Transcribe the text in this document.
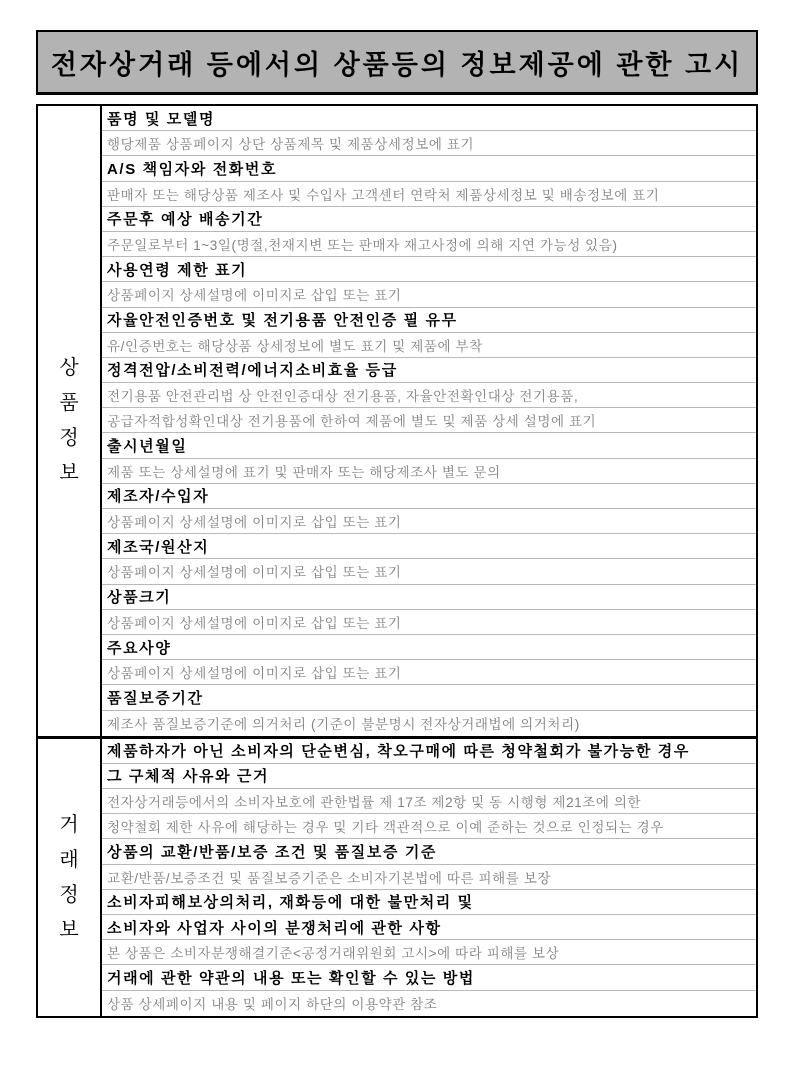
전자상거래 등에서의 상품등의 정보제공에 관한 고시
상
품
정
보
품명 및 모델명
행당제품 상품페이지 상단 상품제목 및 제품상세정보에 표기
A/S 책임자와 전화번호
판매자 또는 해당상품 제조사 및 수입사 고객센터 연락처 제품상세정보 및 배송정보에 표기
주문후 예상 배송기간
주문일로부터 1~3일(명절,천재지변 또는 판매자 재고사정에 의해 지연 가능성 있음)
사용연령 제한 표기
상품페이지 상세설명에 이미지로 삽입 또는 표기
자율안전인증번호 및 전기용품 안전인증 필 유무
유/인증번호는 해당상품 상세정보에 별도 표기 및 제품에 부착
정격전압/소비전력/에너지소비효율 등급
전기용품 안전관리법 상 안전인증대상 전기용품, 자율안전확인대상 전기용품,
공급자적합성확인대상 전기용품에 한하여 제품에 별도 및 제품 상세 설명에 표기
출시년월일
제품 또는 상세설명에 표기 및 판매자 또는 해당제조사 별도 문의
제조자/수입자
상품페이지 상세설명에 이미지로 삽입 또는 표기
제조국/원산지
상품페이지 상세설명에 이미지로 삽입 또는 표기
상품크기
상품페이지 상세설명에 이미지로 삽입 또는 표기
주요사양
상품페이지 상세설명에 이미지로 삽입 또는 표기
품질보증기간
제조사 품질보증기준에 의거처리 (기준이 불분명시 전자상거래법에 의거처리)
거
래
정
보
제품하자가 아닌 소비자의 단순변심, 착오구매에 따른 청약철회가 불가능한 경우
그 구체적 사유와 근거
전자상거래등에서의 소비자보호에 관한법률 제 17조 제2항 및 동 시행형 제21조에 의한
청약철회 제한 사유에 해당하는 경우 및 기타 객관적으로 이예 준하는 것으로 인정되는 경우
상품의 교환/반품/보증 조건 및 품질보증 기준
교환/반품/보증조건 및 품질보증기준은 소비자기본법에 따른 피해를 보장
소비자피해보상의처리, 재화등에 대한 불만처리 및
소비자와 사업자 사이의 분쟁처리에 관한 사항
본 상품은 소비자분쟁해결기준<공정거래위원회 고시>에 따라 피해를 보상
거래에 관한 약관의 내용 또는 확인할 수 있는 방법
상품 상세페이지 내용 및 페이지 하단의 이용약관 참조
